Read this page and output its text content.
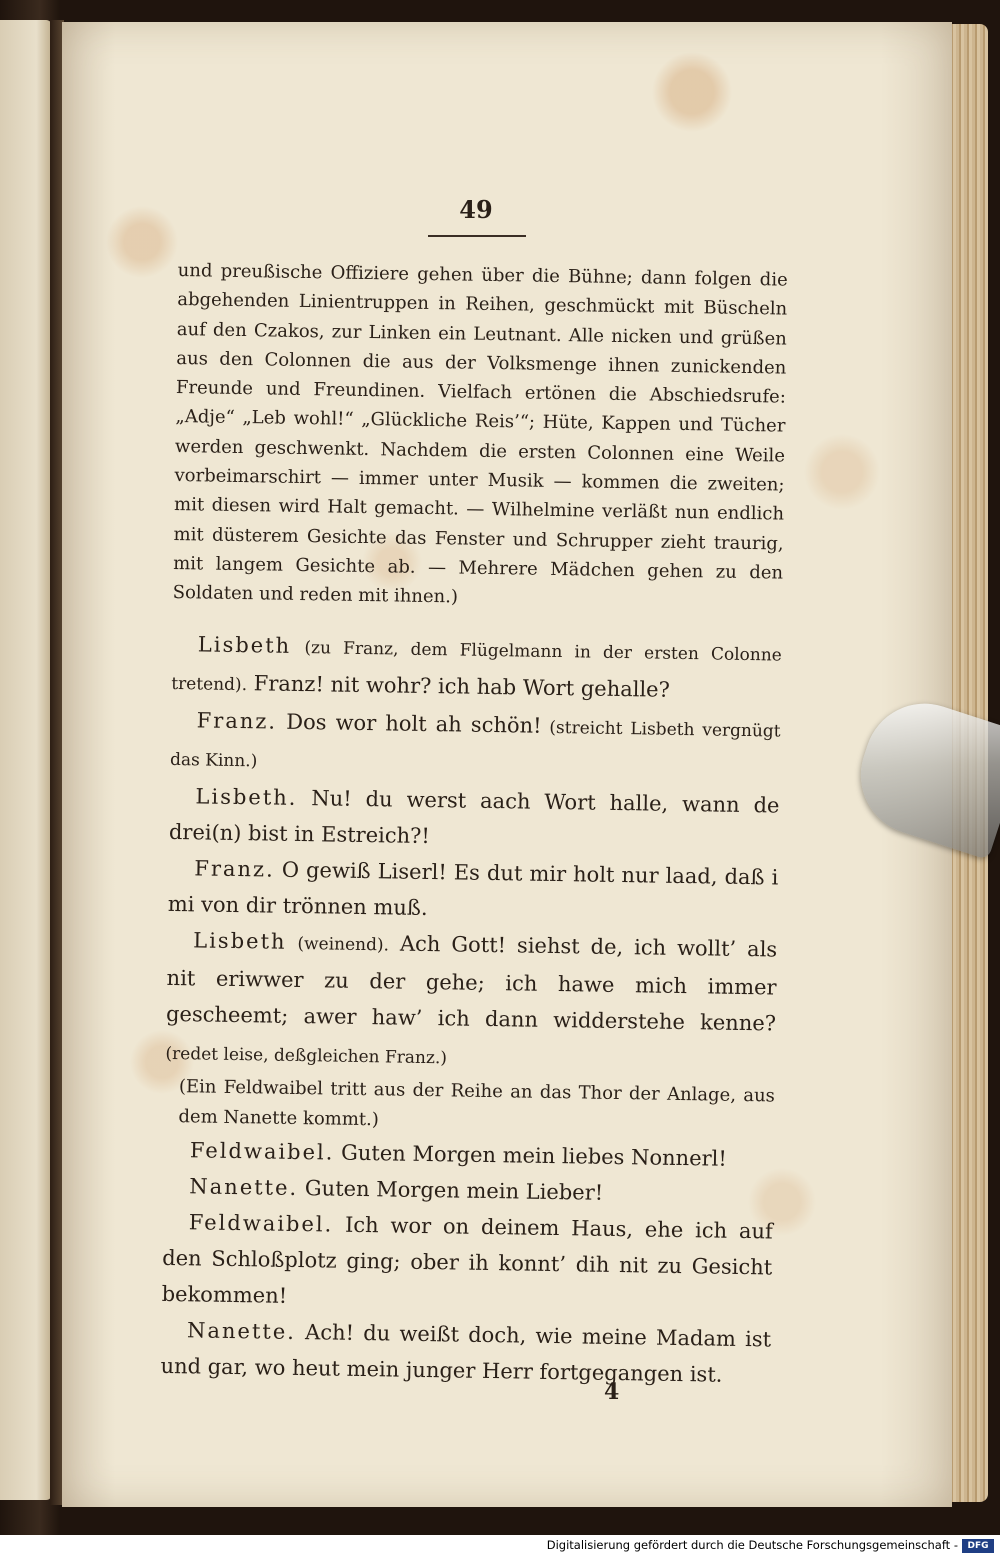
49

und preußische Offiziere gehen über die Bühne; dann folgen die abgehenden Linientruppen in Reihen, geschmückt mit Büscheln auf den Czakos, zur Linken ein Leutnant. Alle nicken und grüßen aus den Colonnen die aus der Volksmenge ihnen zunickenden Freunde und Freundinen. Vielfach ertönen die Abschiedsrufe: „Adje“ „Leb wohl!“ „Glückliche Reis’“; Hüte, Kappen und Tücher werden geschwenkt. Nachdem die ersten Colonnen eine Weile vorbeimarschirt — immer unter Musik — kommen die zweiten; mit diesen wird Halt gemacht. — Wilhelmine verläßt nun endlich mit düsterem Gesichte das Fenster und Schrupper zieht traurig, mit langem Gesichte ab. — Mehrere Mädchen gehen zu den Soldaten und reden mit ihnen.)

Lisbeth (zu Franz, dem Flügelmann in der ersten Colonne tretend). Franz! nit wohr? ich hab Wort gehalle?

Franz. Dos wor holt ah schön! (streicht Lisbeth vergnügt das Kinn.)

Lisbeth. Nu! du werst aach Wort halle, wann de drei(n) bist in Estreich?!

Franz. O gewiß Liserl! Es dut mir holt nur laad, daß i mi von dir trönnen muß.

Lisbeth (weinend). Ach Gott! siehst de, ich wollt’ als nit eriwwer zu der gehe; ich hawe mich immer gescheemt; awer haw’ ich dann widderstehe kenne? (redet leise, deßgleichen Franz.)

(Ein Feldwaibel tritt aus der Reihe an das Thor der Anlage, aus dem Nanette kommt.)

Feldwaibel. Guten Morgen mein liebes Nonnerl!

Nanette. Guten Morgen mein Lieber!

Feldwaibel. Ich wor on deinem Haus, ehe ich auf den Schloßplotz ging; ober ih konnt’ dih nit zu Gesicht bekommen!

Nanette. Ach! du weißt doch, wie meine Madam ist und gar, wo heut mein junger Herr fortgegangen ist.

4
Digitalisierung gefördert durch die Deutsche Forschungsgemeinschaft -	DFG
